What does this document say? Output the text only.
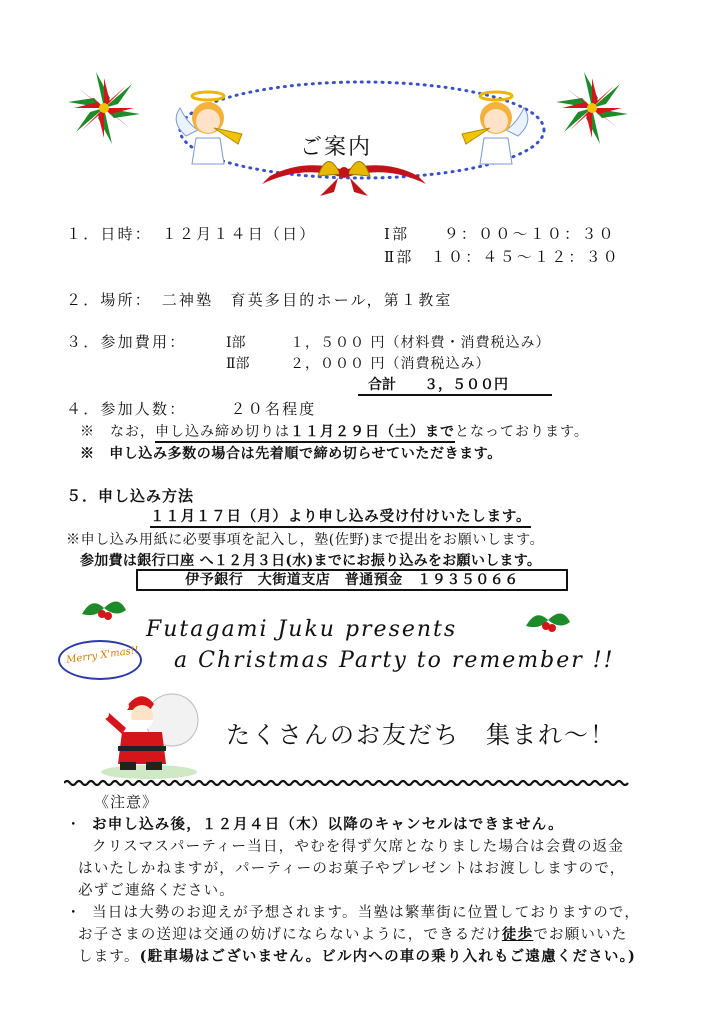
ご案内
１．日時：　１２月１４日（日）	Ⅰ部　　９：００〜１０：３０
Ⅱ部　１０：４５〜１２：３０
２．場所：　二神塾　育英多目的ホール，第１教室
３．参加費用：	Ⅰ部	１，５００ 円（材料費・消費税込み）
Ⅱ部	２，０００ 円（消費税込み）
合計　　３，５００円
４．参加人数：　　　２０名程度
※　なお，申し込み締め切りは１１月２９日（土）までとなっております。
※　申し込み多数の場合は先着順で締め切らせていただきます。
５．申し込み方法
１１月１７日（月）より申し込み受け付けいたします。
※申し込み用紙に必要事項を記入し，塾(佐野)まで提出をお願いします。
参加費は銀行口座 へ１２月３日(水)までにお振り込みをお願いします。
伊予銀行　大街道支店　普通預金　１９３５０６６
Futagami Juku presents
a Christmas Party to remember !!
Merry X'mas!!
たくさんのお友だち　集まれ〜！
《注意》
・ お申し込み後，１２月４日（木）以降のキャンセルはできません。
クリスマスパーティー当日，やむを得ず欠席となりました場合は会費の返金
はいたしかねますが，パーティーのお菓子やプレゼントはお渡ししますので，
必ずご連絡ください。
・ 当日は大勢のお迎えが予想されます。当塾は繁華街に位置しておりますので，
お子さまの送迎は交通の妨げにならないように，できるだけ徒歩でお願いいた
します。(駐車場はございません。ビル内への車の乗り入れもご遠慮ください。)
